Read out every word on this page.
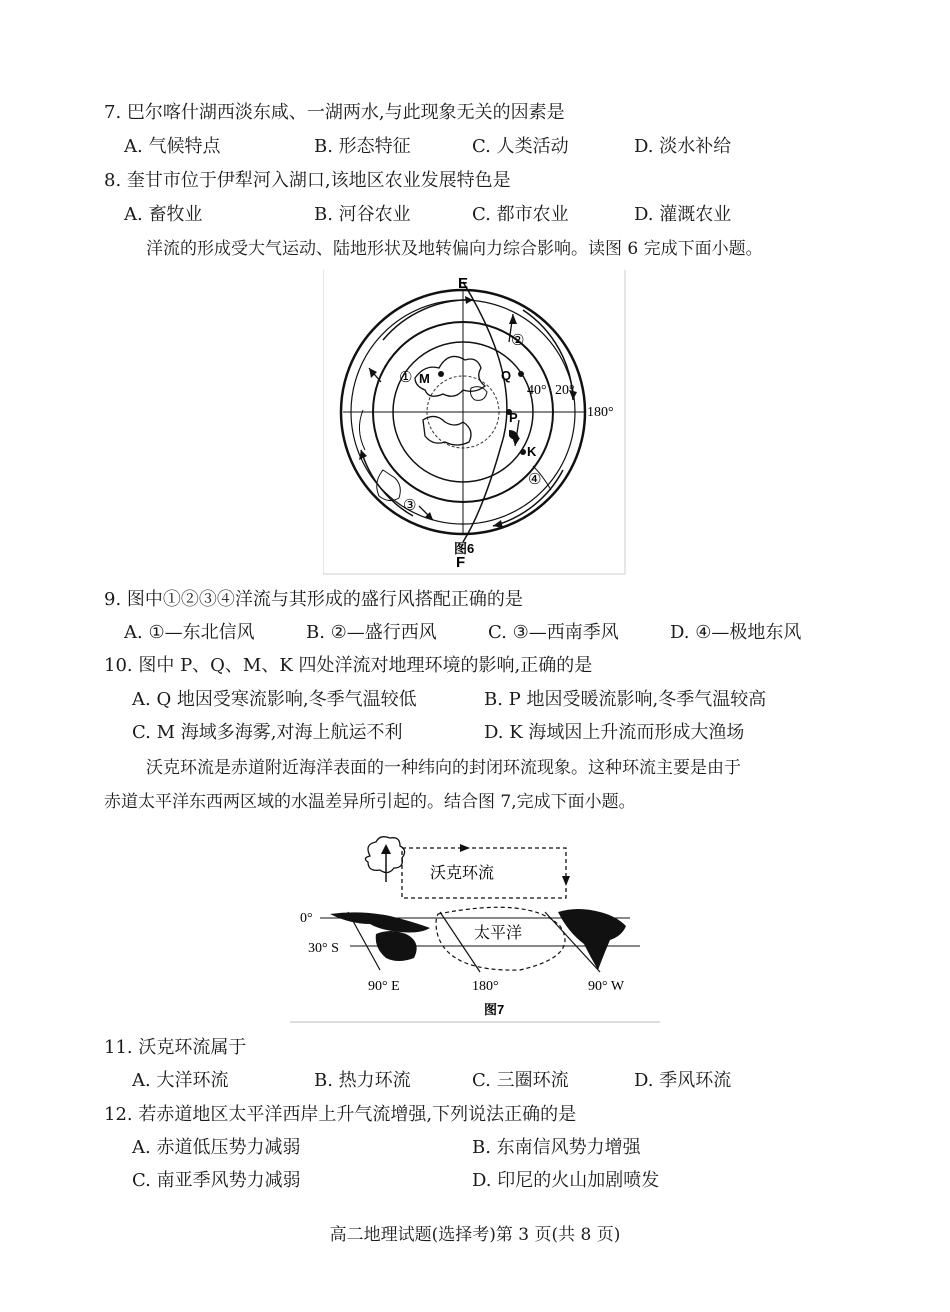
7. 巴尔喀什湖西淡东咸、一湖两水,与此现象无关的因素是
A. 气候特点	B. 形态特征	C. 人类活动	D. 淡水补给
8. 奎甘市位于伊犁河入湖口,该地区农业发展特色是
A. 畜牧业	B. 河谷农业	C. 都市农业	D. 灌溉农业
洋流的形成受大气运动、陆地形状及地转偏向力综合影响。读图 6 完成下面小题。
E
F
180°
40° 20°
M	Q
P
K
①
②
③
④
图6
9. 图中①②③④洋流与其形成的盛行风搭配正确的是
A. ①—东北信风	B. ②—盛行西风	C. ③—西南季风	D. ④—极地东风
10. 图中 P、Q、M、K 四处洋流对地理环境的影响,正确的是
A. Q 地因受寒流影响,冬季气温较低	B. P 地因受暖流影响,冬季气温较高
C. M 海域多海雾,对海上航运不利	D. K 海域因上升流而形成大渔场
沃克环流是赤道附近海洋表面的一种纬向的封闭环流现象。这种环流主要是由于
赤道太平洋东西两区域的水温差异所引起的。结合图 7,完成下面小题。
沃克环流
太平洋
0°
30° S
90° E	180°	90° W
图7
11. 沃克环流属于
A. 大洋环流	B. 热力环流	C. 三圈环流	D. 季风环流
12. 若赤道地区太平洋西岸上升气流增强,下列说法正确的是
A. 赤道低压势力减弱	B. 东南信风势力增强
C. 南亚季风势力减弱	D. 印尼的火山加剧喷发
高二地理试题(选择考)第 3 页(共 8 页)
